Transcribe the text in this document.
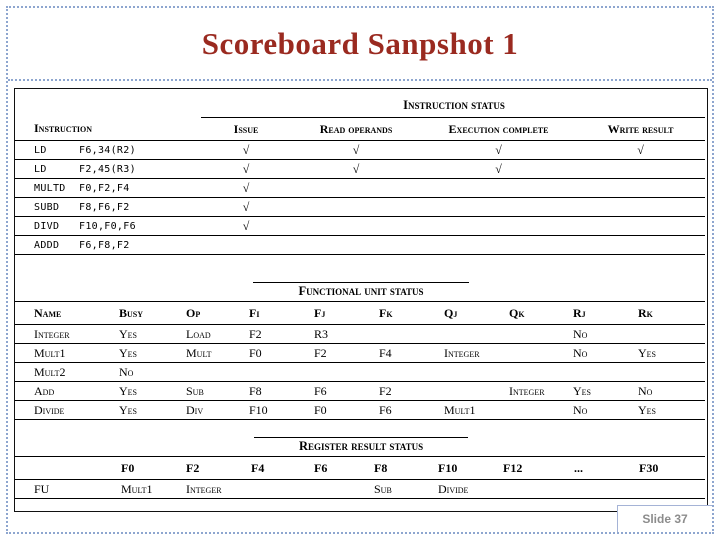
Scoreboard Sanpshot 1
		Instruction status			
Instruction		Issue	Read operands	Execution complete	Write result
LD	F6,34(R2)	√	√	√	√
LD	F2,45(R3)	√	√	√	
MULTD	F0,F2,F4	√			
SUBD	F8,F6,F2	√			
DIVD	F10,F0,F6	√			
ADDD	F6,F8,F2				
Functional unit status									
Name	Busy	Op	Fi	Fj	Fk	Qj	Qk	Rj	Rk
Integer	Yes	Load	F2	R3				No	
Mult1	Yes	Mult	F0	F2	F4	Integer		No	Yes
Mult2	No								
Add	Yes	Sub	F8	F6	F2		Integer	Yes	No
Divide	Yes	Div	F10	F0	F6	Mult1		No	Yes
Register result status									
	F0	F2	F4	F6	F8	F10	F12	...	F30
FU	Mult1	Integer			Sub	Divide			
Slide 37
